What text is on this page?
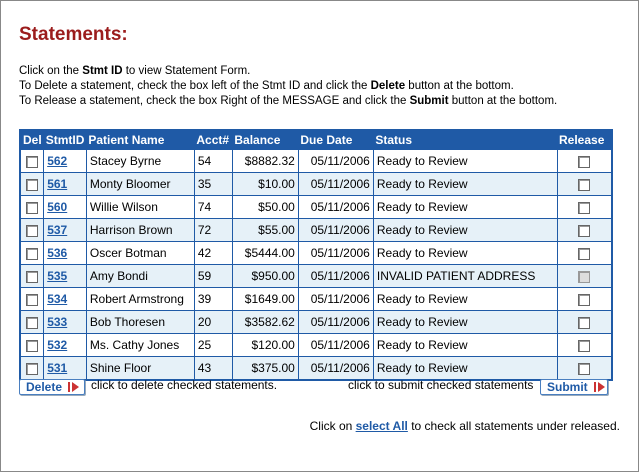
Statements:
Click on the Stmt ID to view Statement Form.
To Delete a statement, check the box left of the Stmt ID and click the Delete button at the bottom.
To Release a statement, check the box Right of the MESSAGE and click the Submit button at the bottom.
Del	StmtID	Patient Name	Acct#	Balance	Due Date	Status	Release
	562	Stacey Byrne	54	$8882.32	05/11/2006	Ready to Review	
	561	Monty Bloomer	35	$10.00	05/11/2006	Ready to Review	
	560	Willie Wilson	74	$50.00	05/11/2006	Ready to Review	
	537	Harrison Brown	72	$55.00	05/11/2006	Ready to Review	
	536	Oscer Botman	42	$5444.00	05/11/2006	Ready to Review	
	535	Amy Bondi	59	$950.00	05/11/2006	INVALID PATIENT ADDRESS	
	534	Robert Armstrong	39	$1649.00	05/11/2006	Ready to Review	
	533	Bob Thoresen	20	$3582.62	05/11/2006	Ready to Review	
	532	Ms. Cathy Jones	25	$120.00	05/11/2006	Ready to Review	
	531	Shine Floor	43	$375.00	05/11/2006	Ready to Review	
Delete click to delete checked statements.	click to submit checked statements Submit
Click on select All to check all statements under released.
